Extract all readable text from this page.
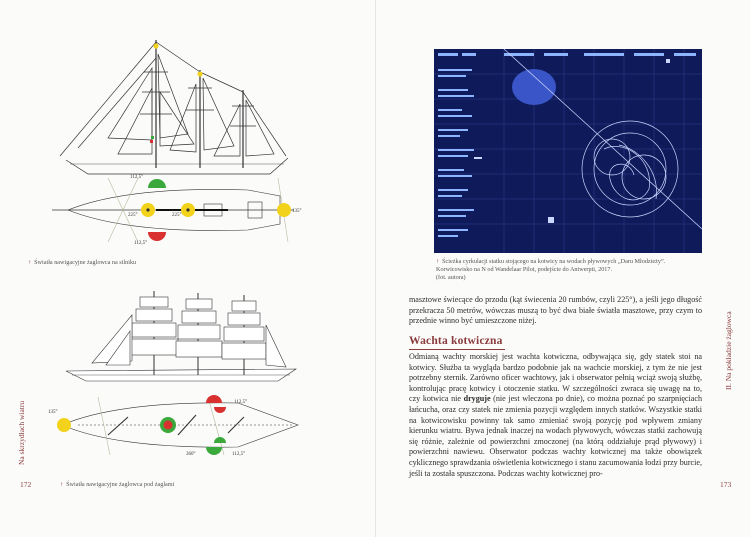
112,5°
225°	225°
135°
112,5°
↑ Światła nawigacyjne żaglowca na silniku
135°
112,5°
360°	112,5°
↑ Światła nawigacyjne żaglowca pod żaglami
172
Na skrzydłach wiatru
↑ Ścieżka cyrkulacji statku stojącego na kotwicy na wodach pływowych „Daru Młodzieży”. Korwicowisko na N od Wandelaar Pilot, podejście do Antwerpii, 2017.
(fot. autora)

masztowe świecące do przodu (kąt świecenia 20 rumbów, czyli 225°), a jeśli jego długość przekracza 50 metrów, wówczas muszą to być dwa białe światła masztowe, przy czym to przednie winno być umieszczone niżej.

Wachta kotwiczna

Odmianą wachty morskiej jest wachta kotwiczna, odbywająca się, gdy statek stoi na kotwicy. Służba ta wygląda bardzo podobnie jak na wachcie morskiej, z tym że nie jest potrzebny sternik. Zarówno oficer wachtowy, jak i obserwator pełnią wciąż swoją służbę, kontrolując pracę kotwicy i otoczenie statku. W szczególności zwraca się uwagę na to, czy kotwica nie dryguje (nie jest wleczona po dnie), co można poznać po szarpnięciach łańcucha, oraz czy statek nie zmienia pozycji względem innych statków. Wszystkie statki na kotwicowisku powinny tak samo zmieniać swoją pozycję pod wpływem zmiany kierunku wiatru. Bywa jednak inaczej na wodach pływowych, wówczas statki zachowują się różnie, zależnie od powierzchni zmoczonej (na którą oddziałuje prąd pływowy) i powierzchni nawiewu. Obserwator podczas wachty kotwicznej ma także obowiązek cyklicznego sprawdzania oświetlenia kotwicznego i stanu zacumowania łodzi przy burcie, jeśli ta została spuszczona. Podczas wachty kotwicznej pro-

173
II. Na pokładzie żaglowca
